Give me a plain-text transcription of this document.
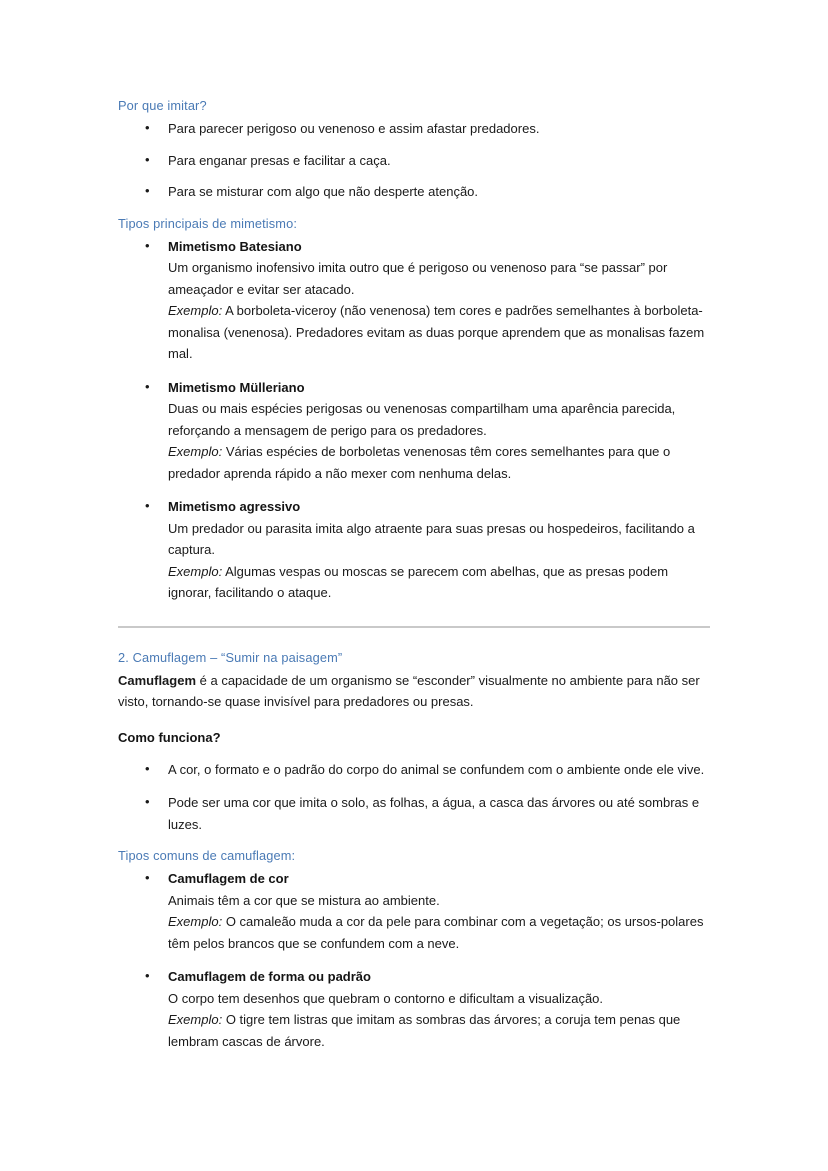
Por que imitar?

• Para parecer perigoso ou venenoso e assim afastar predadores.
• Para enganar presas e facilitar a caça.
• Para se misturar com algo que não desperte atenção.

Tipos principais de mimetismo:

• Mimetismo Batesiano
Um organismo inofensivo imita outro que é perigoso ou venenoso para “se passar” por ameaçador e evitar ser atacado.
Exemplo: A borboleta-viceroy (não venenosa) tem cores e padrões semelhantes à borboleta-monalisa (venenosa). Predadores evitam as duas porque aprendem que as monalisas fazem mal.
• Mimetismo Mülleriano
Duas ou mais espécies perigosas ou venenosas compartilham uma aparência parecida, reforçando a mensagem de perigo para os predadores.
Exemplo: Várias espécies de borboletas venenosas têm cores semelhantes para que o predador aprenda rápido a não mexer com nenhuma delas.
• Mimetismo agressivo
Um predador ou parasita imita algo atraente para suas presas ou hospedeiros, facilitando a captura.
Exemplo: Algumas vespas ou moscas se parecem com abelhas, que as presas podem ignorar, facilitando o ataque.

2. Camuflagem – “Sumir na paisagem”

Camuflagem é a capacidade de um organismo se “esconder” visualmente no ambiente para não ser visto, tornando-se quase invisível para predadores ou presas.

Como funciona?

• A cor, o formato e o padrão do corpo do animal se confundem com o ambiente onde ele vive.
• Pode ser uma cor que imita o solo, as folhas, a água, a casca das árvores ou até sombras e luzes.

Tipos comuns de camuflagem:

• Camuflagem de cor
Animais têm a cor que se mistura ao ambiente.
Exemplo: O camaleão muda a cor da pele para combinar com a vegetação; os ursos-polares têm pelos brancos que se confundem com a neve.
• Camuflagem de forma ou padrão
O corpo tem desenhos que quebram o contorno e dificultam a visualização.
Exemplo: O tigre tem listras que imitam as sombras das árvores; a coruja tem penas que lembram cascas de árvore.
